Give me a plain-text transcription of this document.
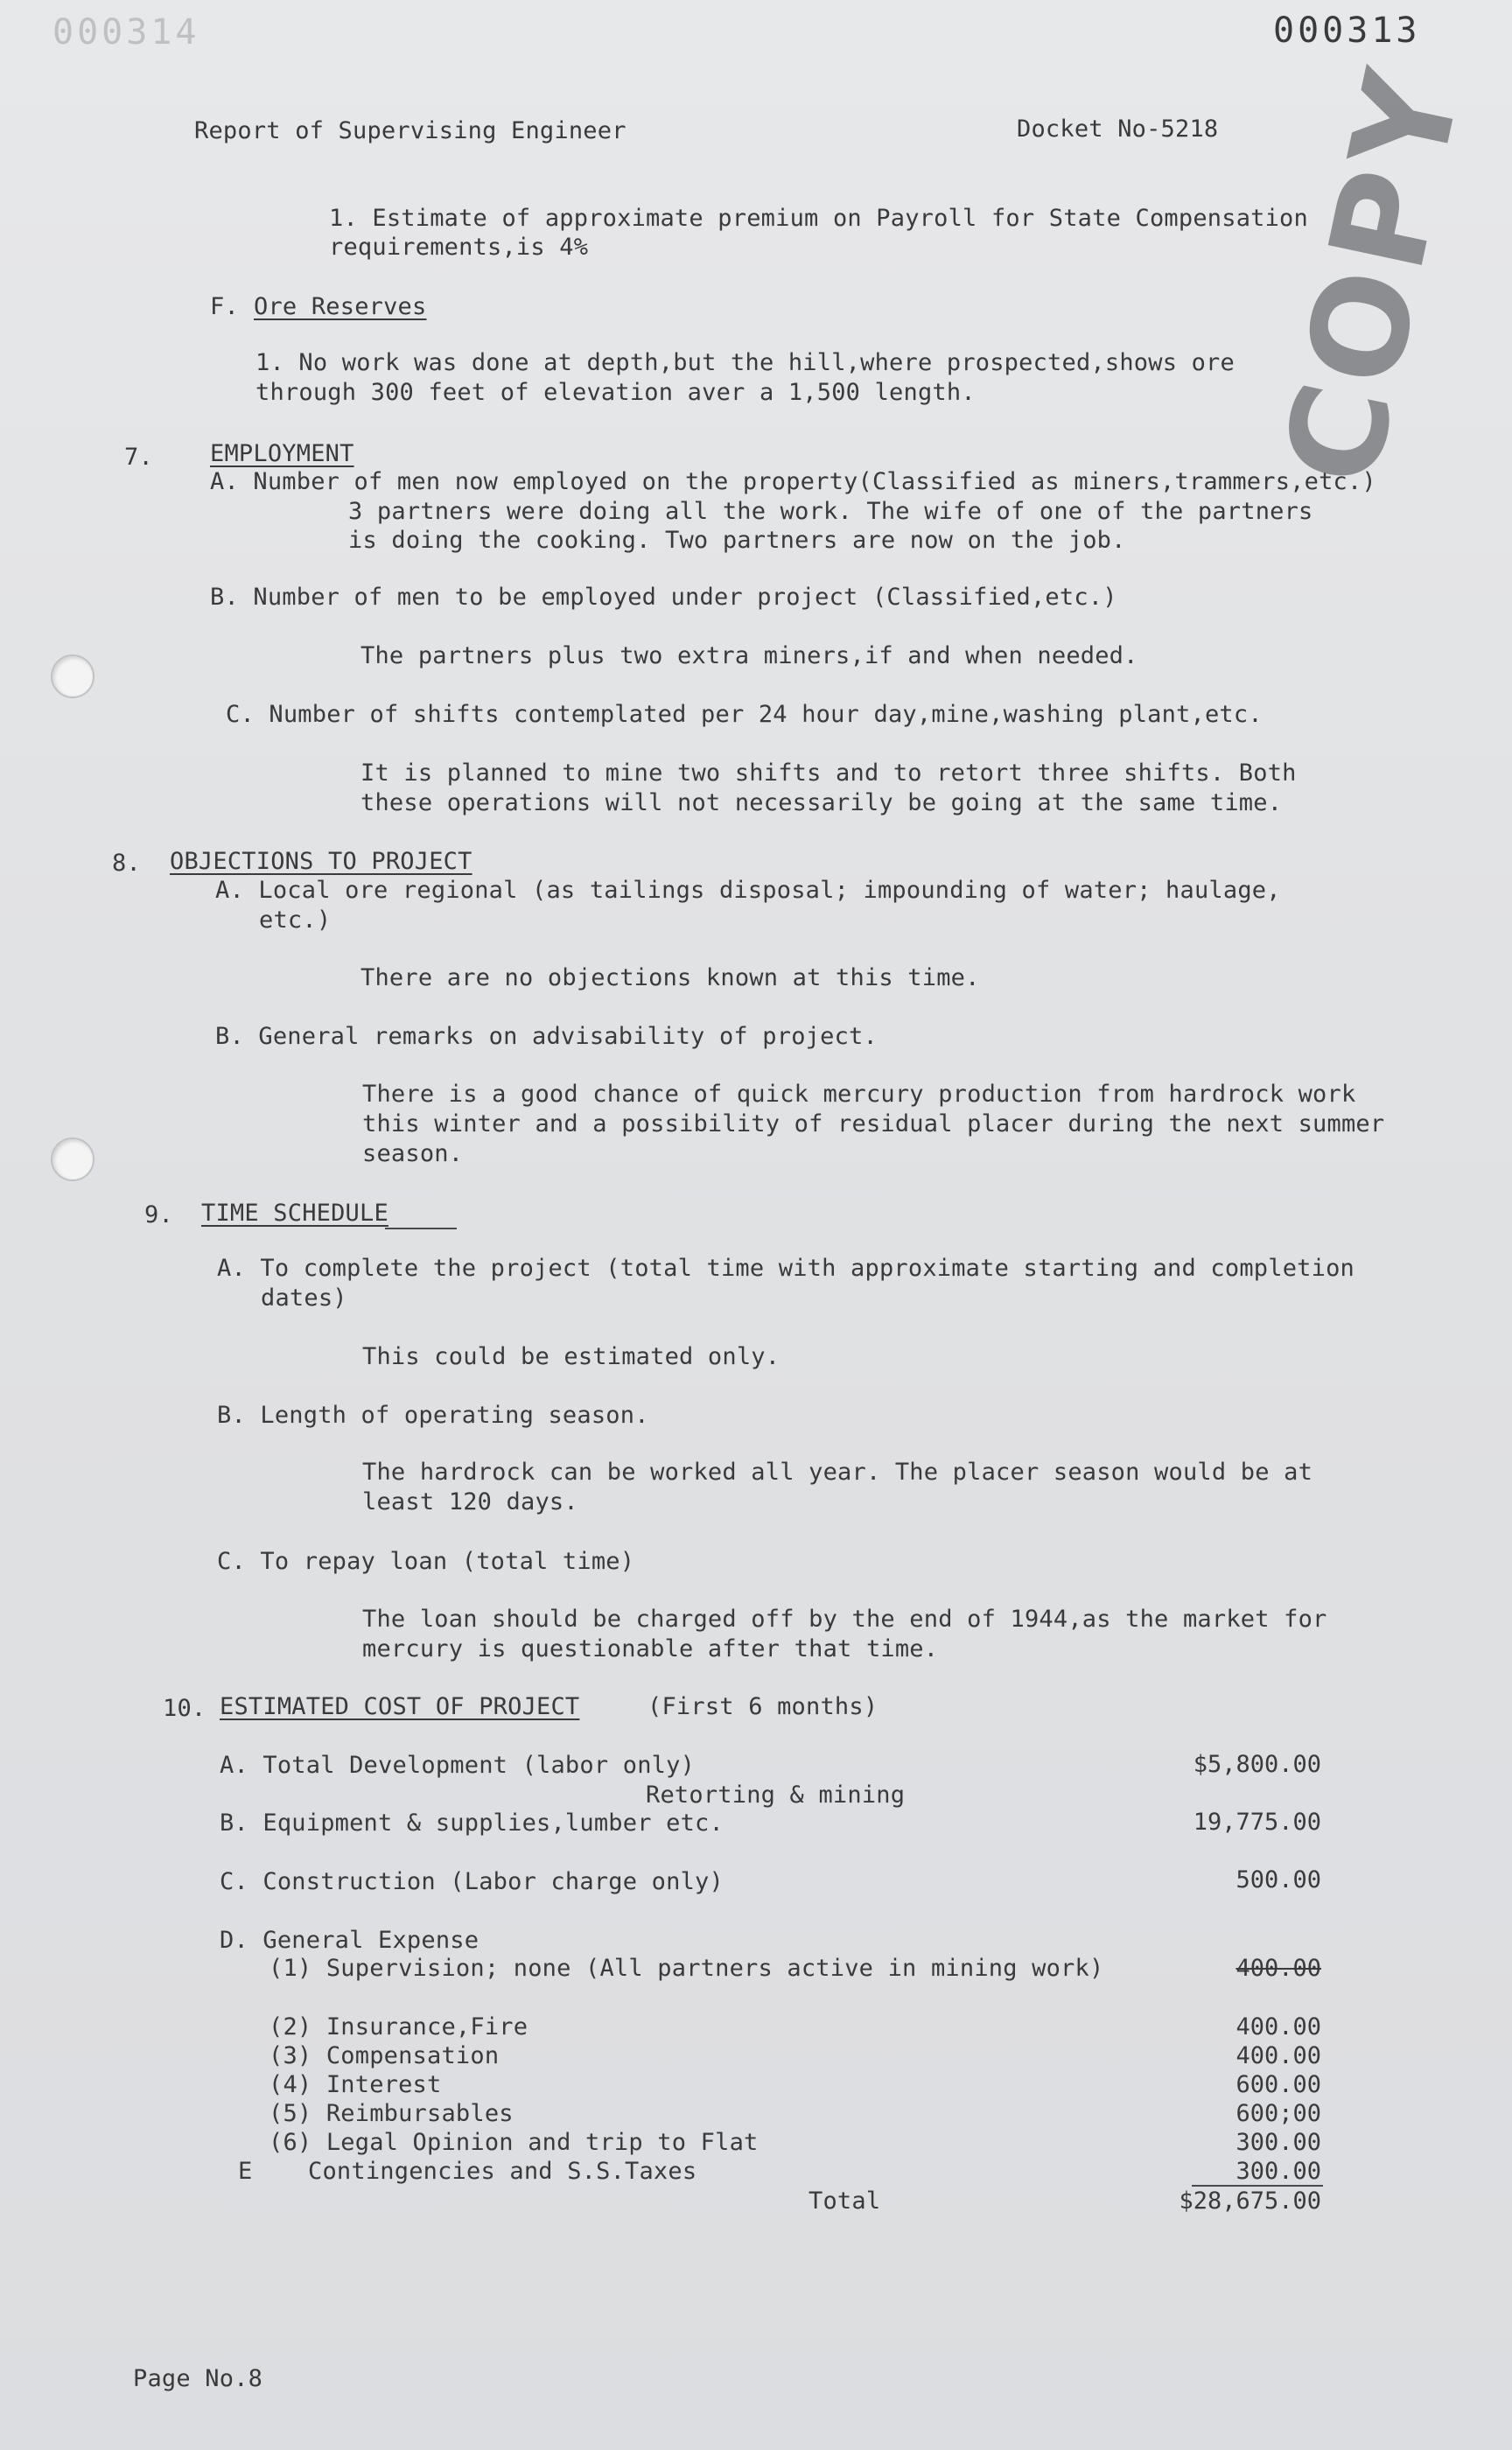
000314	000313
COPY
Report of Supervising Engineer	Docket No-5218
1. Estimate of approximate premium on Payroll for State Compensation
requirements,is 4%
F. Ore Reserves
1. No work was done at depth,but the hill,where prospected,shows ore
through 300 feet of elevation aver a 1,500 length.
7. EMPLOYMENT
A. Number of men now employed on the property(Classified as miners,trammers,etc.)
3 partners were doing all the work. The wife of one of the partners
is doing the cooking. Two partners are now on the job.
B. Number of men to be employed under project (Classified,etc.)
The partners plus two extra miners,if and when needed.
C. Number of shifts contemplated per 24 hour day,mine,washing plant,etc.
It is planned to mine two shifts and to retort three shifts. Both
these operations will not necessarily be going at the same time.
8. OBJECTIONS TO PROJECT
A. Local ore regional (as tailings disposal; impounding of water; haulage,
etc.)
There are no objections known at this time.
B. General remarks on advisability of project.
There is a good chance of quick mercury production from hardrock work
this winter and a possibility of residual placer during the next summer
season.
9. TIME SCHEDULE
A. To complete the project (total time with approximate starting and completion
dates)
This could be estimated only.
B. Length of operating season.
The hardrock can be worked all year. The placer season would be at
least 120 days.
C. To repay loan (total time)
The loan should be charged off by the end of 1944,as the market for
mercury is questionable after that time.
10. ESTIMATED COST OF PROJECT	(First 6 months)
A. Total Development (labor only)	$5,800.00
Retorting & mining
B. Equipment & supplies,lumber etc.	19,775.00
C. Construction (Labor charge only)	500.00
D. General Expense
(1) Supervision; none (All partners active in mining work)	400.00
(2) Insurance,Fire	400.00
(3) Compensation	400.00
(4) Interest	600.00
(5) Reimbursables	600;00
(6) Legal Opinion and trip to Flat	300.00
E Contingencies and S.S.Taxes	300.00
Total	$28,675.00
Page No.8
